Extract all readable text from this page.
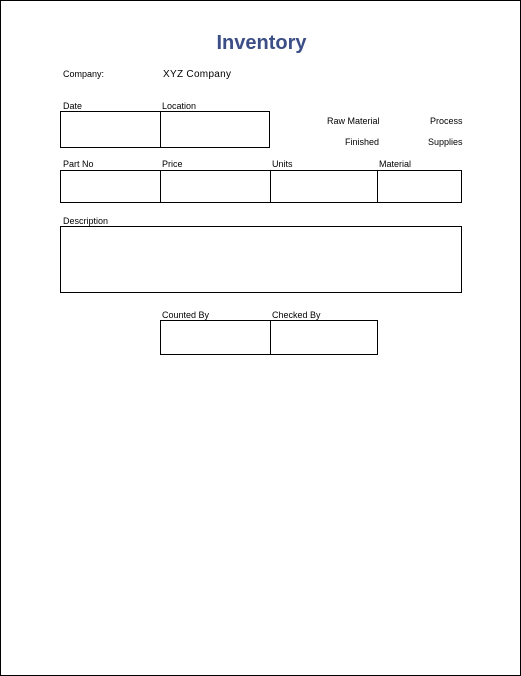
Inventory
Company:	XYZ Company
Date	Location
Raw Material	Process
Finished	Supplies
Part No	Price	Units	Material
Description
Counted By	Checked By
